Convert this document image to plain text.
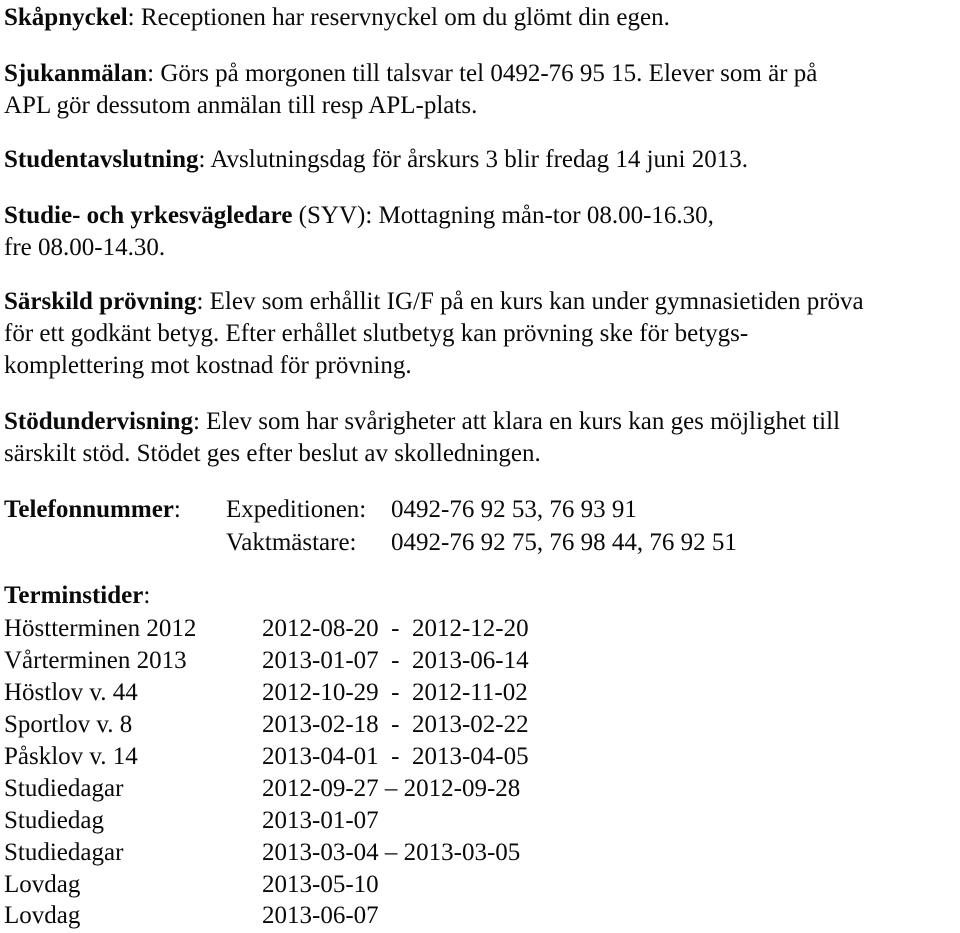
Skåpnyckel: Receptionen har reservnyckel om du glömt din egen.
Sjukanmälan: Görs på morgonen till talsvar tel 0492-76 95 15. Elever som är på
APL gör dessutom anmälan till resp APL-plats.
Studentavslutning: Avslutningsdag för årskurs 3 blir fredag 14 juni 2013.
Studie- och yrkesvägledare (SYV): Mottagning mån-tor 08.00-16.30,
fre 08.00-14.30.
Särskild prövning: Elev som erhållit IG/F på en kurs kan under gymnasietiden pröva
för ett godkänt betyg. Efter erhållet slutbetyg kan prövning ske för betygs-
komplettering mot kostnad för prövning.
Stödundervisning: Elev som har svårigheter att klara en kurs kan ges möjlighet till
särskilt stöd. Stödet ges efter beslut av skolledningen.
Telefonnummer: Expeditionen: 0492-76 92 53, 76 93 91
Vaktmästare: 0492-76 92 75, 76 98 44, 76 92 51
Terminstider:
Höstterminen 2012	2012-08-20  -  2012-12-20
Vårterminen 2013	2013-01-07  -  2013-06-14
Höstlov v. 44	2012-10-29  -  2012-11-02
Sportlov v. 8	2013-02-18  -  2013-02-22
Påsklov v. 14	2013-04-01  -  2013-04-05
Studiedagar	2012-09-27 – 2012-09-28
Studiedag	2013-01-07
Studiedagar	2013-03-04 – 2013-03-05
Lovdag	2013-05-10
Lovdag	2013-06-07
